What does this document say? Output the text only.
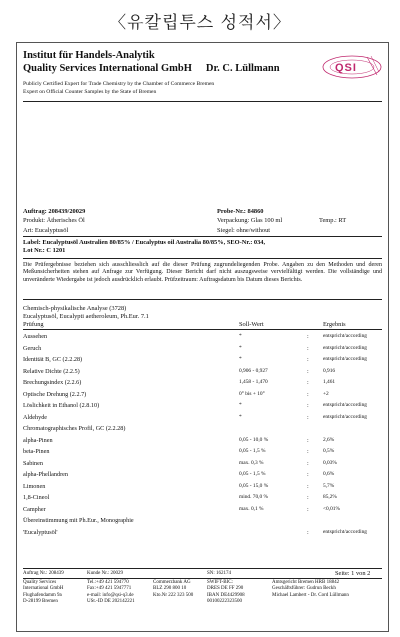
〈유칼립투스 성적서〉
Institut für Handels-Analytik
Quality Services International GmbH Dr. C. Lüllmann
Publicly Certified Expert for Trade Chemistry by the Chamber of Commerce Bremen
Expert on Official Counter Samples by the State of Bremen
QSI
Auftrag: 208439/20029	Probe-Nr.: 84860
Produkt: Ätherisches Öl	Verpackung: Glas 100 ml	Temp.: RT
Art: Eucalyptusöl	Siegel: ohne/without
Label: Eucalyptusöl Australien 80/85% / Eucalyptus oil Australia 80/85%, SEO-Nr.: 034,
Lot Nr.: C 1201
Die Prüfergebnisse beziehen sich ausschliesslich auf die dieser Prüfung zugrundeliegenden Probe. Angaben zu den Methoden und deren Meßunsicherheiten stehen auf Anfrage zur Verfügung. Dieser Bericht darf nicht auszugsweise vervielfältigt werden. Die vollständige und unveränderte Wiedergabe ist jedoch ausdrücklich erlaubt. Prüfzeitraum: Auftragsdatum bis Datum dieses Berichts.
Chemisch-physikalische Analyse (3728)
Eucalyptusöl, Eucalypti aetheroleum, Ph.Eur. 7.1
Prüfung	Soll-Wert	Ergebnis
Aussehen	*	:	entspricht/according
Geruch	*	:	entspricht/according
Identität B, GC (2.2.28)	*	:	entspricht/according
Relative Dichte (2.2.5)	0,906 - 0,927	:	0,916
Brechungsindex (2.2.6)	1,458 - 1,470	:	1,461
Optische Drehung (2.2.7)	0° bis + 10°	:	+2
Löslichkeit in Ethanol (2.8.10)	*	:	entspricht/according
Aldehyde	*	:	entspricht/according
Chromatographisches Profil, GC (2.2.28)
alpha-Pinen	0,05 - 10,0 %	:	2,6%
beta-Pinen	0,05 - 1,5 %	:	0,5%
Sabinen	max. 0,3 %	:	0,03%
alpha-Phellandren	0,05 - 1,5 %	:	0,6%
Limonen	0,05 - 15,0 %	:	5,7%
1,8-Cineol	mind. 70,0 %	:	85,2%
Campher	max. 0,1 %	:	<0,01%
Übereinstimmung mit Ph.Eur., Monographie
'Eucalyptusöl'	:	entspricht/according
Auftrag Nr.: 208439	Kunde Nr.: 20029	SN: 162174	Seite: 1 von 2
Quality Services
International GmbH
Flughafendamm 9a
D-28199 Bremen
Tel.:+49 421 594770
Fax:+49 421 5947771
e-mail: info@qsi-q3.de
USt.-ID DE 202142221
Commerzbank AG
BLZ 290 800 10
Kto.Nr 222 323 500
SWIFT-BIC:
DRES DE FF 290
IBAN DE4429908
00100222323500
Amtsgericht Bremen HRB 18842
Geschäftsführer: Gudrun Beckh
Michael Lambert - Dr. Cord Lüllmann
